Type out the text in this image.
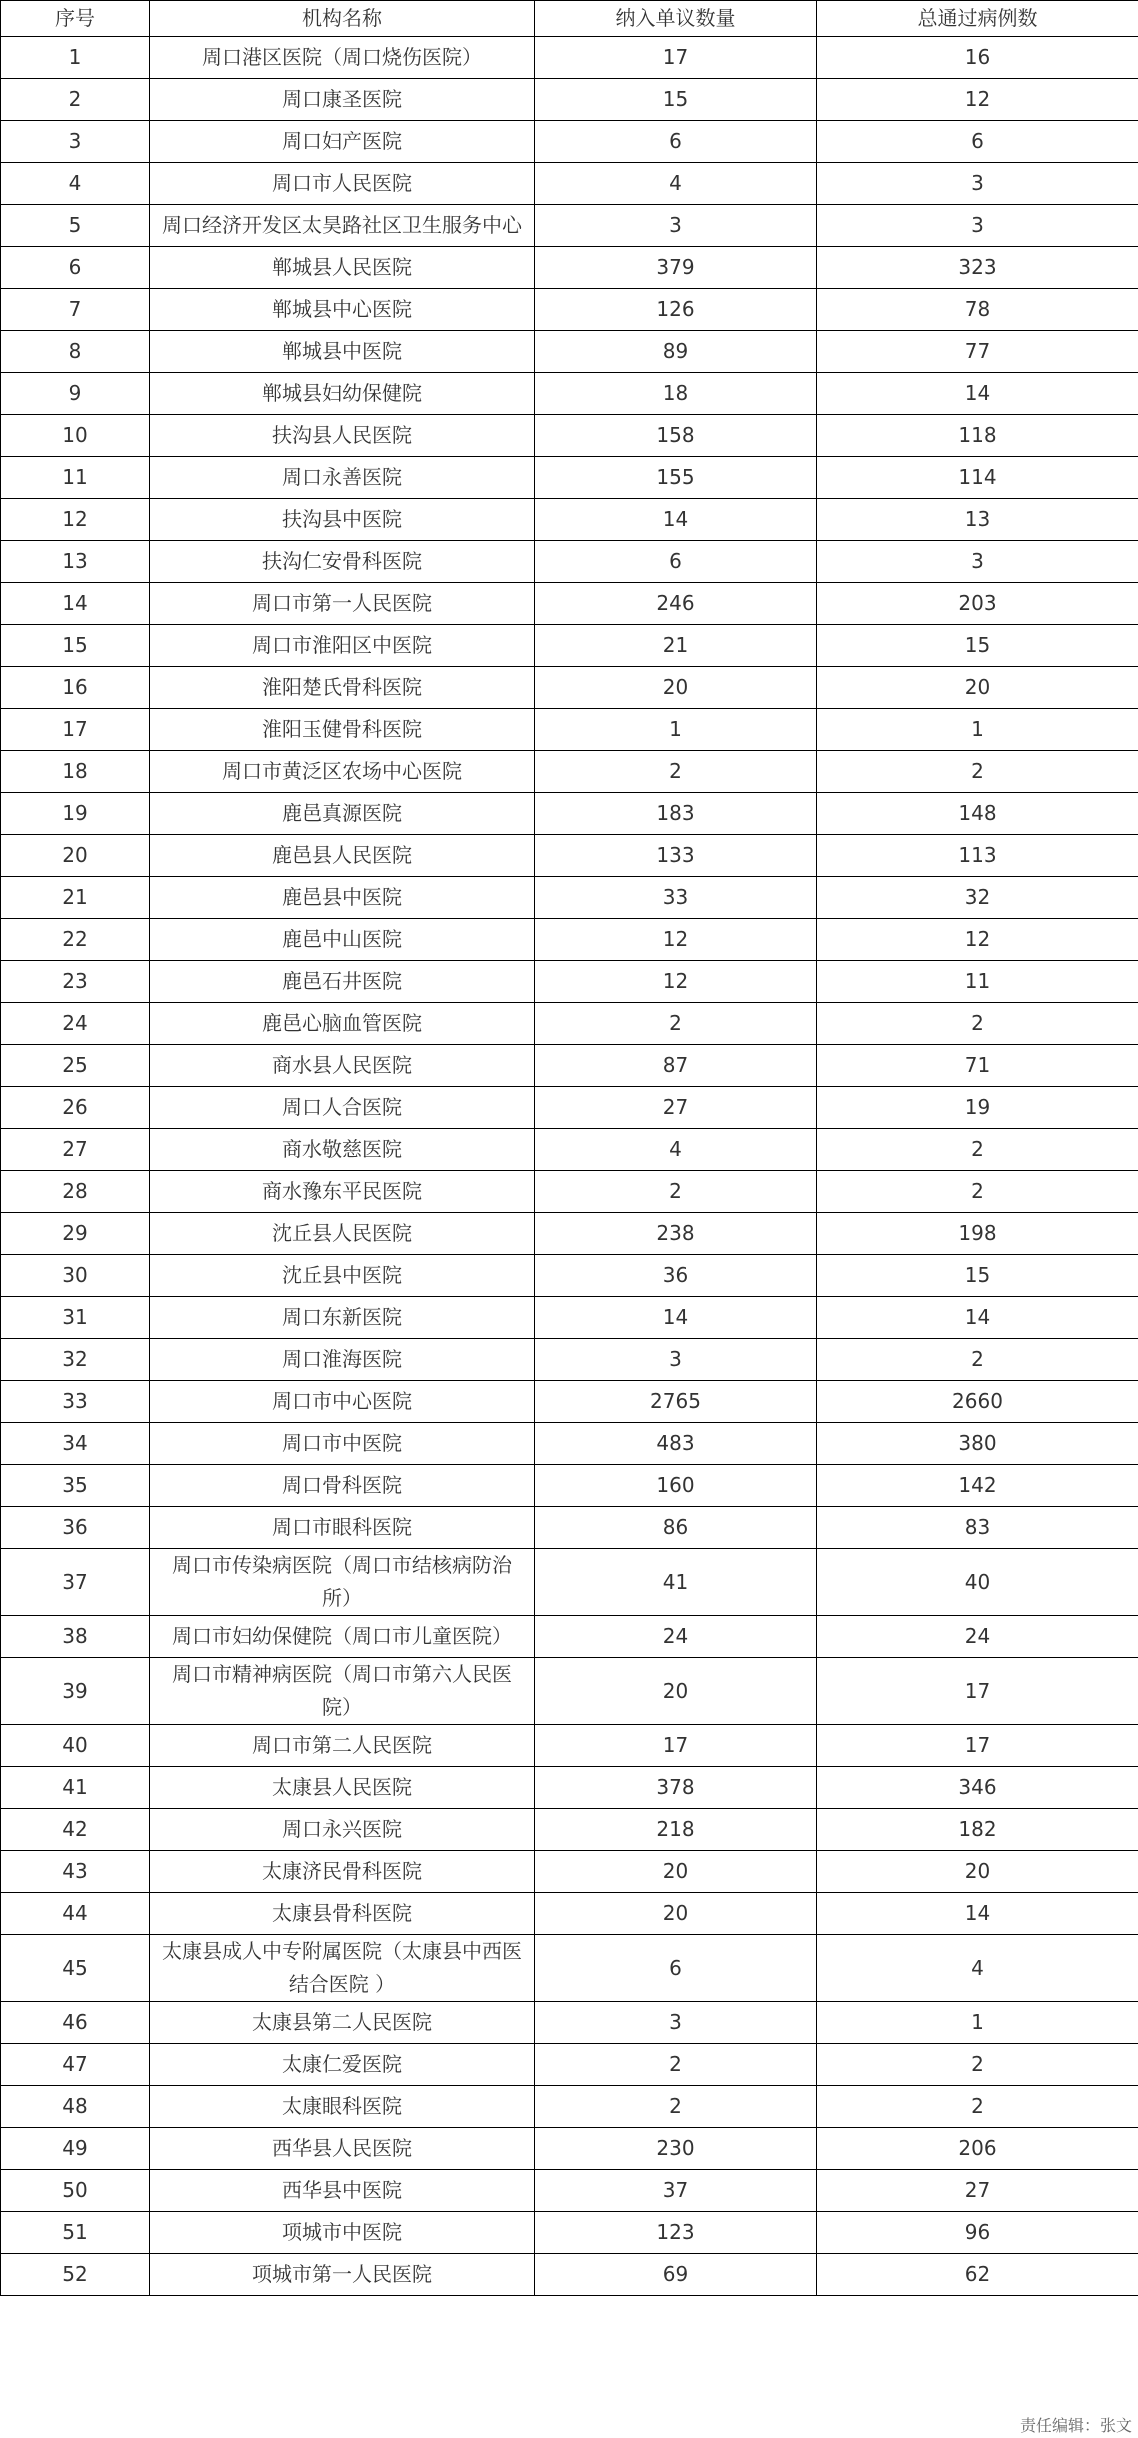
序号	机构名称	纳入单议数量	总通过病例数
1	周口港区医院（周口烧伤医院）	17	16
2	周口康圣医院	15	12
3	周口妇产医院	6	6
4	周口市人民医院	4	3
5	周口经济开发区太昊路社区卫生服务中心	3	3
6	郸城县人民医院	379	323
7	郸城县中心医院	126	78
8	郸城县中医院	89	77
9	郸城县妇幼保健院	18	14
10	扶沟县人民医院	158	118
11	周口永善医院	155	114
12	扶沟县中医院	14	13
13	扶沟仁安骨科医院	6	3
14	周口市第一人民医院	246	203
15	周口市淮阳区中医院	21	15
16	淮阳楚氏骨科医院	20	20
17	淮阳玉健骨科医院	1	1
18	周口市黄泛区农场中心医院	2	2
19	鹿邑真源医院	183	148
20	鹿邑县人民医院	133	113
21	鹿邑县中医院	33	32
22	鹿邑中山医院	12	12
23	鹿邑石井医院	12	11
24	鹿邑心脑血管医院	2	2
25	商水县人民医院	87	71
26	周口人合医院	27	19
27	商水敬慈医院	4	2
28	商水豫东平民医院	2	2
29	沈丘县人民医院	238	198
30	沈丘县中医院	36	15
31	周口东新医院	14	14
32	周口淮海医院	3	2
33	周口市中心医院	2765	2660
34	周口市中医院	483	380
35	周口骨科医院	160	142
36	周口市眼科医院	86	83
37	周口市传染病医院（周口市结核病防治所）	41	40
38	周口市妇幼保健院（周口市儿童医院）	24	24
39	周口市精神病医院（周口市第六人民医院）	20	17
40	周口市第二人民医院	17	17
41	太康县人民医院	378	346
42	周口永兴医院	218	182
43	太康济民骨科医院	20	20
44	太康县骨科医院	20	14
45	太康县成人中专附属医院（太康县中西医结合医院 ）	6	4
46	太康县第二人民医院	3	1
47	太康仁爱医院	2	2
48	太康眼科医院	2	2
49	西华县人民医院	230	206
50	西华县中医院	37	27
51	项城市中医院	123	96
52	项城市第一人民医院	69	62
责任编辑：张文
